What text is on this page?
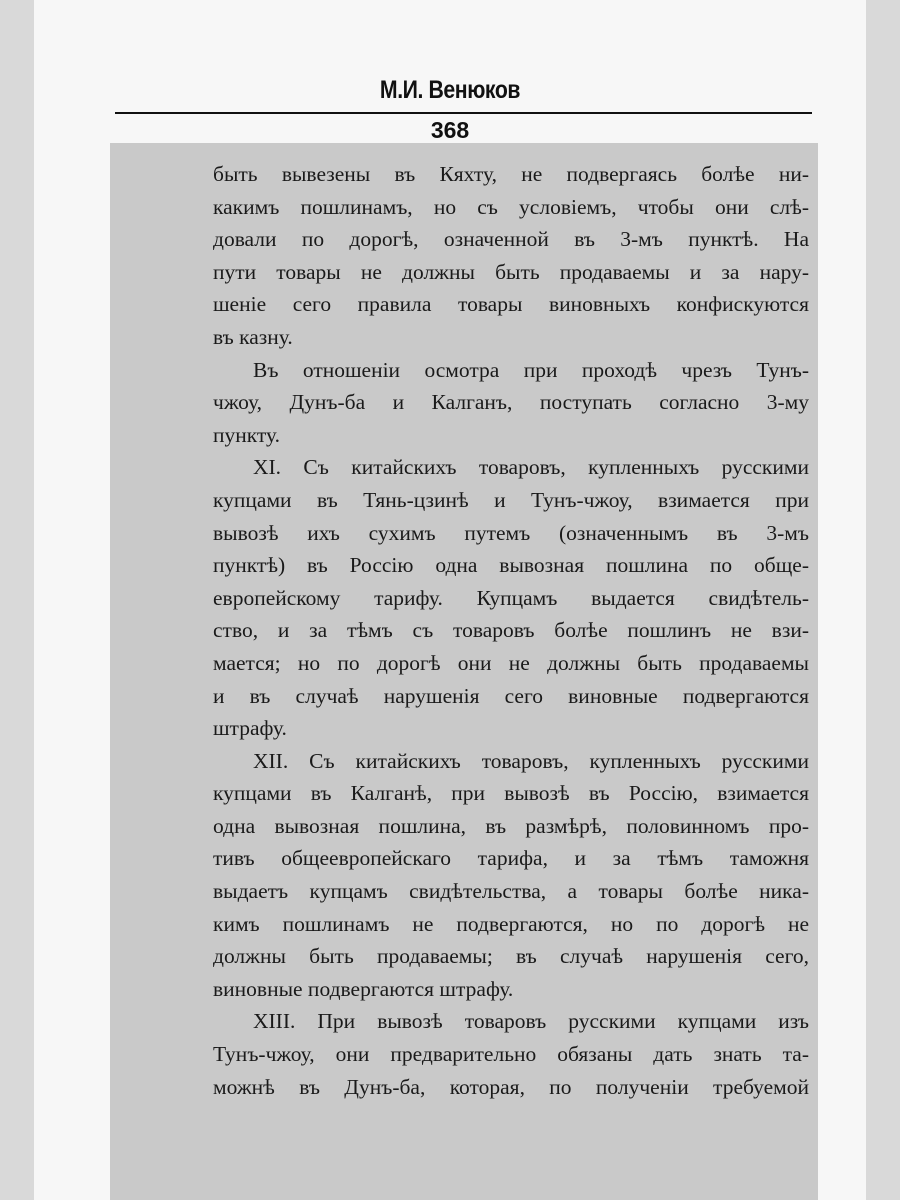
М.И. Венюков
368
быть вывезены въ Кяхту, не подвергаясь болѣе ни-
какимъ пошлинамъ, но съ условiемъ, чтобы они слѣ-
довали по дорогѣ, означенной въ 3-мъ пунктѣ. На
пути товары не должны быть продаваемы и за нару-
шенiе сего правила товары виновныхъ конфискуются
въ казну.
Въ отношенiи осмотра при проходѣ чрезъ Тунъ-
чжоу, Дунъ-ба и Калганъ, поступать согласно 3-му
пункту.
XI. Съ китайскихъ товаровъ, купленныхъ русскими
купцами въ Тянь-цзинѣ и Тунъ-чжоу, взимается при
вывозѣ ихъ сухимъ путемъ (означеннымъ въ 3-мъ
пунктѣ) въ Россiю одна вывозная пошлина по обще-
европейскому тарифу. Купцамъ выдается свидѣтель-
ство, и за тѣмъ съ товаровъ болѣе пошлинъ не взи-
мается; но по дорогѣ они не должны быть продаваемы
и въ случаѣ нарушенiя сего виновные подвергаются
штрафу.
XII. Съ китайскихъ товаровъ, купленныхъ русскими
купцами въ Калганѣ, при вывозѣ въ Россiю, взимается
одна вывозная пошлина, въ размѣрѣ, половинномъ про-
тивъ общеевропейскаго тарифа, и за тѣмъ таможня
выдаетъ купцамъ свидѣтельства, а товары болѣе ника-
кимъ пошлинамъ не подвергаются, но по дорогѣ не
должны быть продаваемы; въ случаѣ нарушенiя сего,
виновные подвергаются штрафу.
XIII. При вывозѣ товаровъ русскими купцами изъ
Тунъ-чжоу, они предварительно обязаны дать знать та-
можнѣ въ Дунъ-ба, которая, по полученiи требуемой
